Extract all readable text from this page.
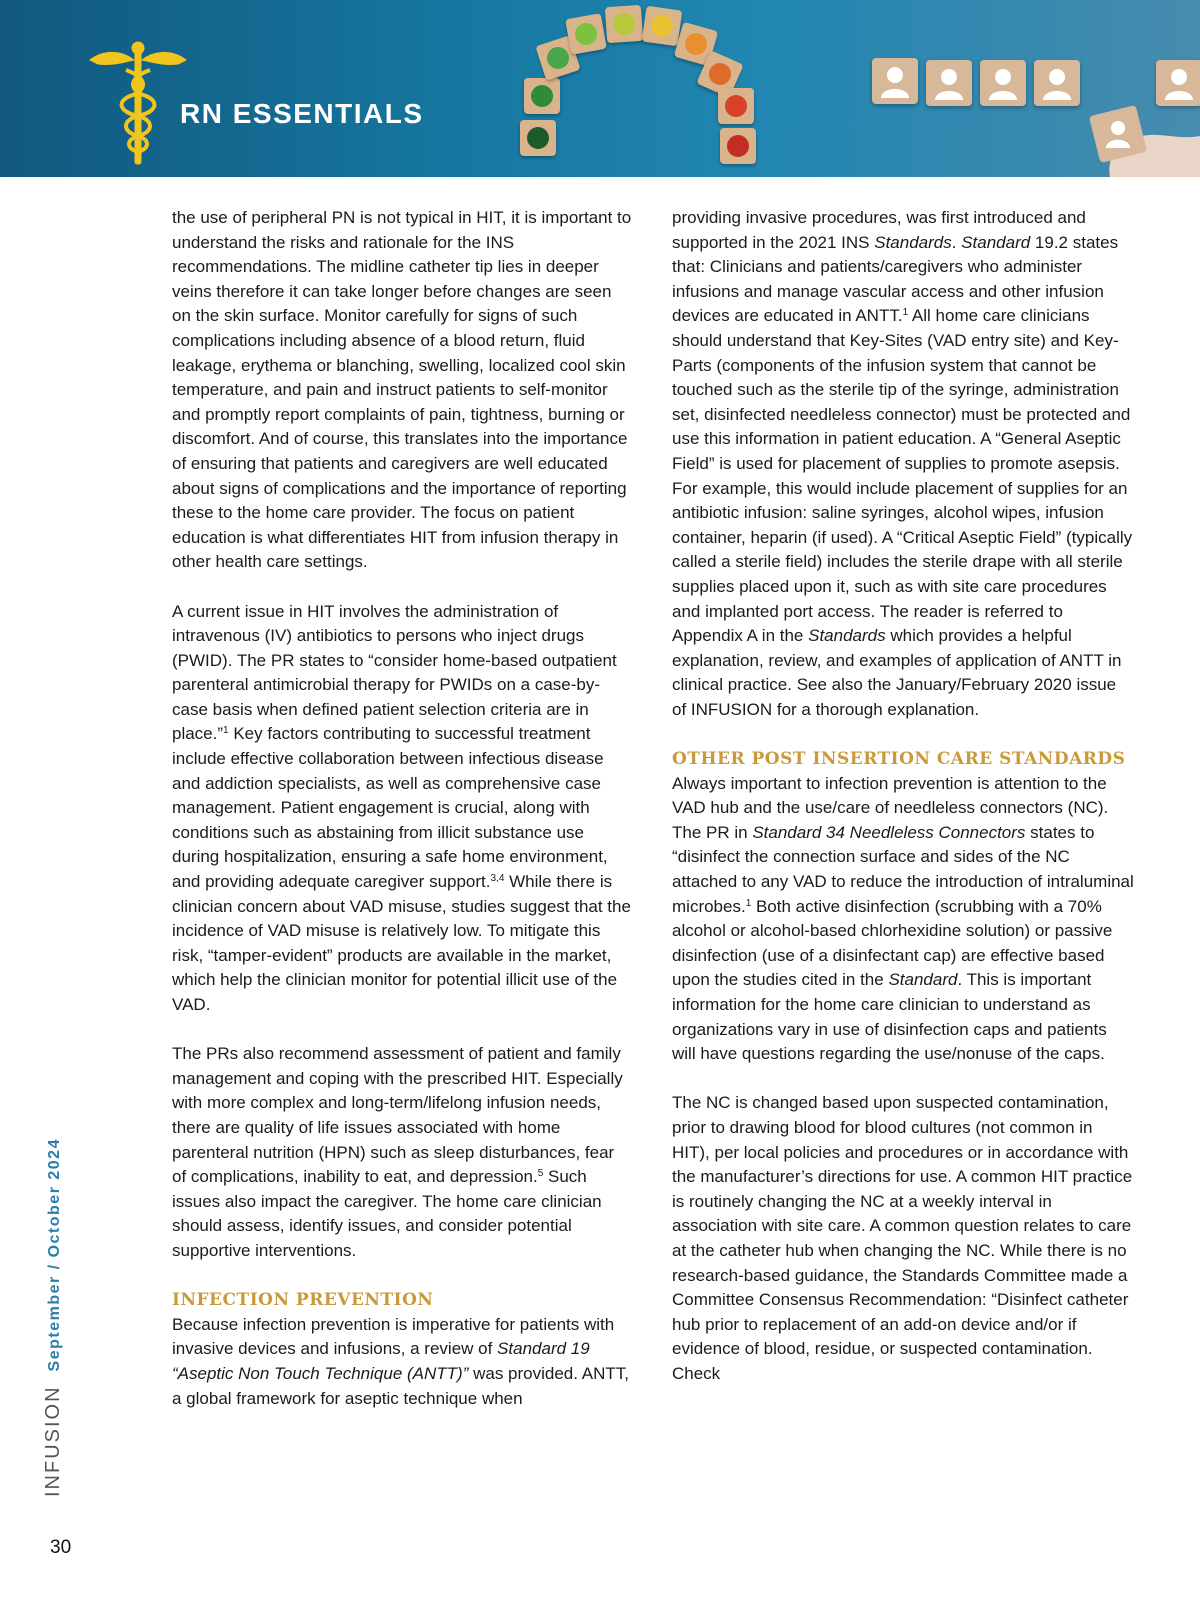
RN ESSENTIALS

the use of peripheral PN is not typical in HIT, it is important to understand the risks and rationale for the INS recommendations. The midline catheter tip lies in deeper veins therefore it can take longer before changes are seen on the skin surface. Monitor carefully for signs of such complications including absence of a blood return, fluid leakage, erythema or blanching, swelling, localized cool skin temperature, and pain and instruct patients to self-monitor and promptly report complaints of pain, tightness, burning or discomfort. And of course, this translates into the importance of ensuring that patients and caregivers are well educated about signs of complications and the importance of reporting these to the home care provider. The focus on patient education is what differentiates HIT from infusion therapy in other health care settings.

A current issue in HIT involves the administration of intravenous (IV) antibiotics to persons who inject drugs (PWID). The PR states to “consider home-based outpatient parenteral antimicrobial therapy for PWIDs on a case-by-case basis when defined patient selection criteria are in place.”$^1$ Key factors contributing to successful treatment include effective collaboration between infectious disease and addiction specialists, as well as comprehensive case management. Patient engagement is crucial, along with conditions such as abstaining from illicit substance use during hospitalization, ensuring a safe home environment, and providing adequate caregiver support.$^{3,4}$ While there is clinician concern about VAD misuse, studies suggest that the incidence of VAD misuse is relatively low. To mitigate this risk, “tamper-evident” products are available in the market, which help the clinician monitor for potential illicit use of the VAD.

The PRs also recommend assessment of patient and family management and coping with the prescribed HIT. Especially with more complex and long-term/lifelong infusion needs, there are quality of life issues associated with home parenteral nutrition (HPN) such as sleep disturbances, fear of complications, inability to eat, and depression.$^5$ Such issues also impact the caregiver. The home care clinician should assess, identify issues, and consider potential supportive interventions.

INFECTION PREVENTION

Because infection prevention is imperative for patients with invasive devices and infusions, a review of Standard 19 “Aseptic Non Touch Technique (ANTT)” was provided. ANTT, a global framework for aseptic technique when

providing invasive procedures, was first introduced and supported in the 2021 INS Standards. Standard 19.2 states that: Clinicians and patients/caregivers who administer infusions and manage vascular access and other infusion devices are educated in ANTT.$^1$ All home care clinicians should understand that Key-Sites (VAD entry site) and Key-Parts (components of the infusion system that cannot be touched such as the sterile tip of the syringe, administration set, disinfected needleless connector) must be protected and use this information in patient education. A “General Aseptic Field” is used for placement of supplies to promote asepsis. For example, this would include placement of supplies for an antibiotic infusion: saline syringes, alcohol wipes, infusion container, heparin (if used). A “Critical Aseptic Field” (typically called a sterile field) includes the sterile drape with all sterile supplies placed upon it, such as with site care procedures and implanted port access. The reader is referred to Appendix A in the Standards which provides a helpful explanation, review, and examples of application of ANTT in clinical practice. See also the January/February 2020 issue of INFUSION for a thorough explanation.

OTHER POST INSERTION CARE STANDARDS

Always important to infection prevention is attention to the VAD hub and the use/care of needleless connectors (NC). The PR in Standard 34 Needleless Connectors states to “disinfect the connection surface and sides of the NC attached to any VAD to reduce the introduction of intraluminal microbes.$^1$ Both active disinfection (scrubbing with a 70% alcohol or alcohol-based chlorhexidine solution) or passive disinfection (use of a disinfectant cap) are effective based upon the studies cited in the Standard. This is important information for the home care clinician to understand as organizations vary in use of disinfection caps and patients will have questions regarding the use/nonuse of the caps.

The NC is changed based upon suspected contamination, prior to drawing blood for blood cultures (not common in HIT), per local policies and procedures or in accordance with the manufacturer’s directions for use. A common HIT practice is routinely changing the NC at a weekly interval in association with site care. A common question relates to care at the catheter hub when changing the NC. While there is no research-based guidance, the Standards Committee made a Committee Consensus Recommendation: “Disinfect catheter hub prior to replacement of an add-on device and/or if evidence of blood, residue, or suspected contamination. Check

INFUSION
September / October 2024
30
